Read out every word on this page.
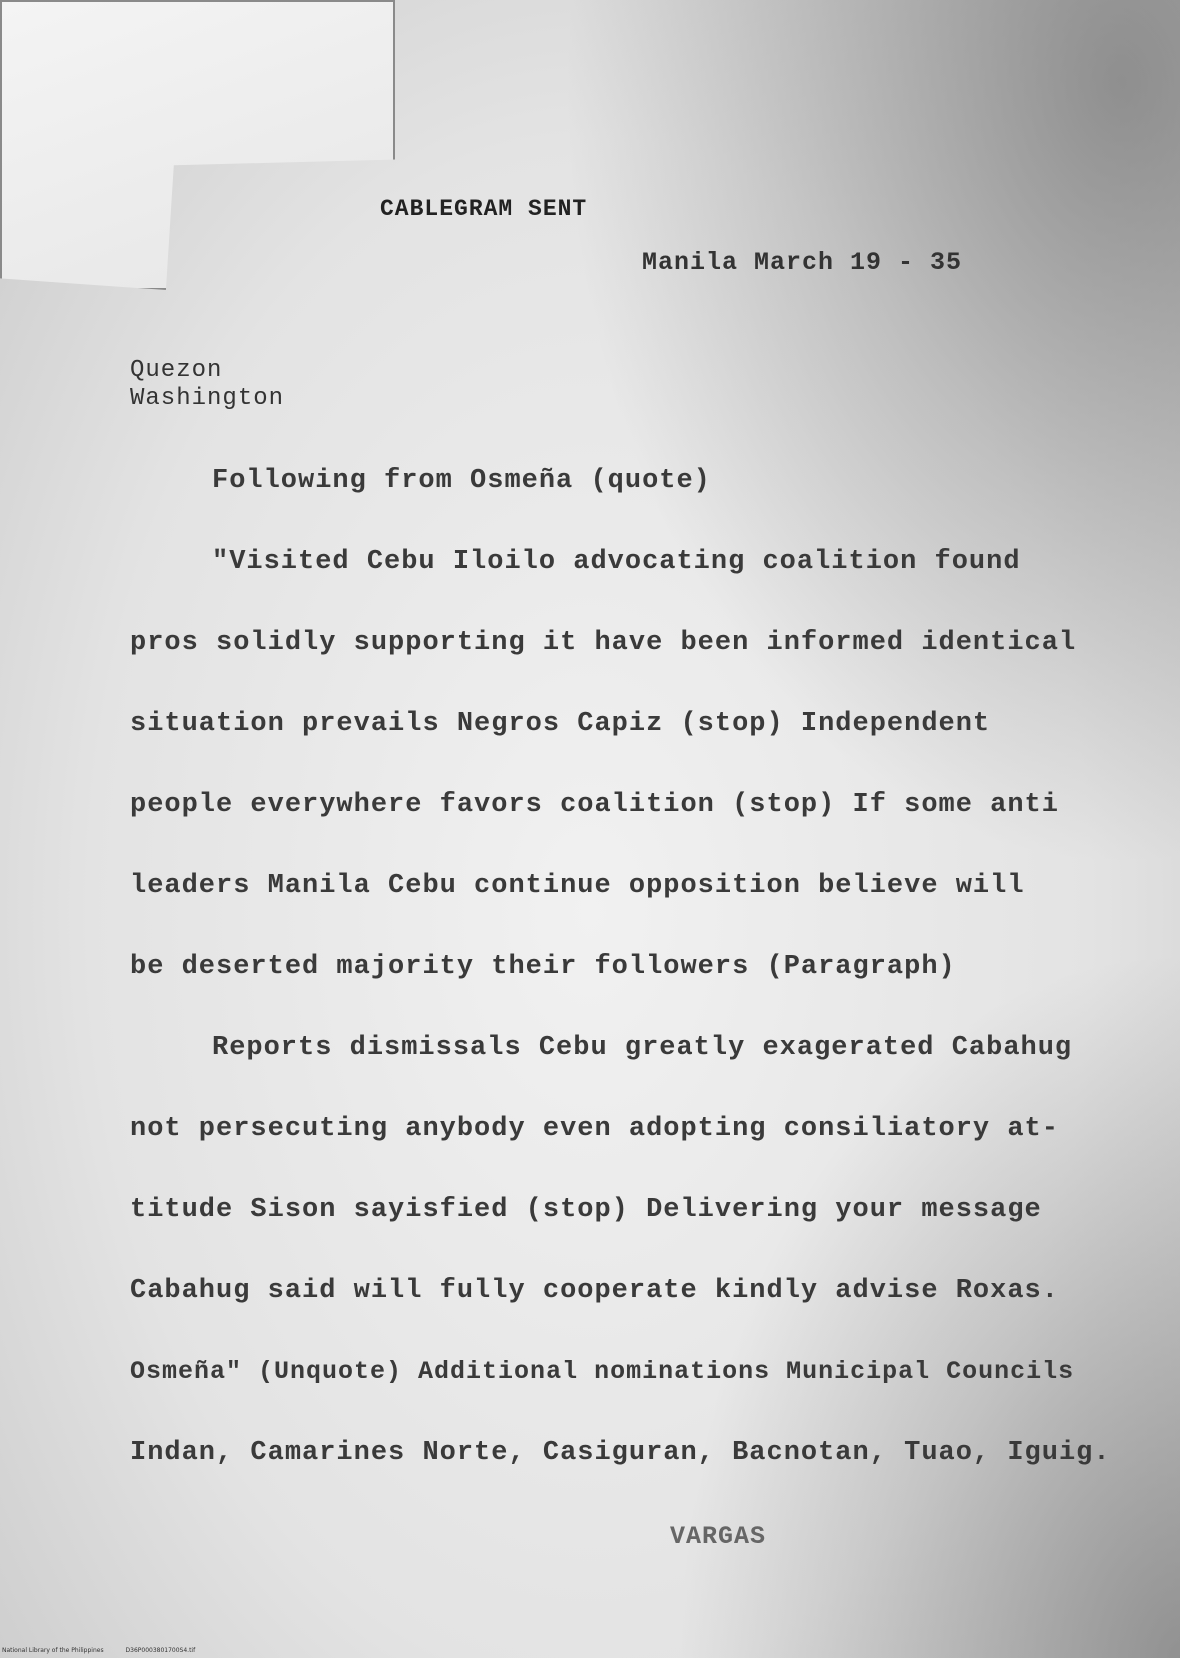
CABLEGRAM SENT
Manila March 19 - 35
Quezon
Washington
Following from Osmeña (quote)
"Visited Cebu Iloilo advocating coalition found
pros solidly supporting it have been informed identical
situation prevails Negros Capiz (stop) Independent
people everywhere favors coalition (stop) If some anti
leaders Manila Cebu continue opposition believe will
be deserted majority their followers (Paragraph)
Reports dismissals Cebu greatly exagerated Cabahug
not persecuting anybody even adopting consiliatory at-
titude Sison sayisfied (stop) Delivering your message
Cabahug said will fully cooperate kindly advise Roxas.
Osmeña" (Unquote) Additional nominations Municipal Councils
Indan, Camarines Norte, Casiguran, Bacnotan, Tuao, Iguig.
VARGAS
National Library of the Philippines	D36P0003801700S4.tif
